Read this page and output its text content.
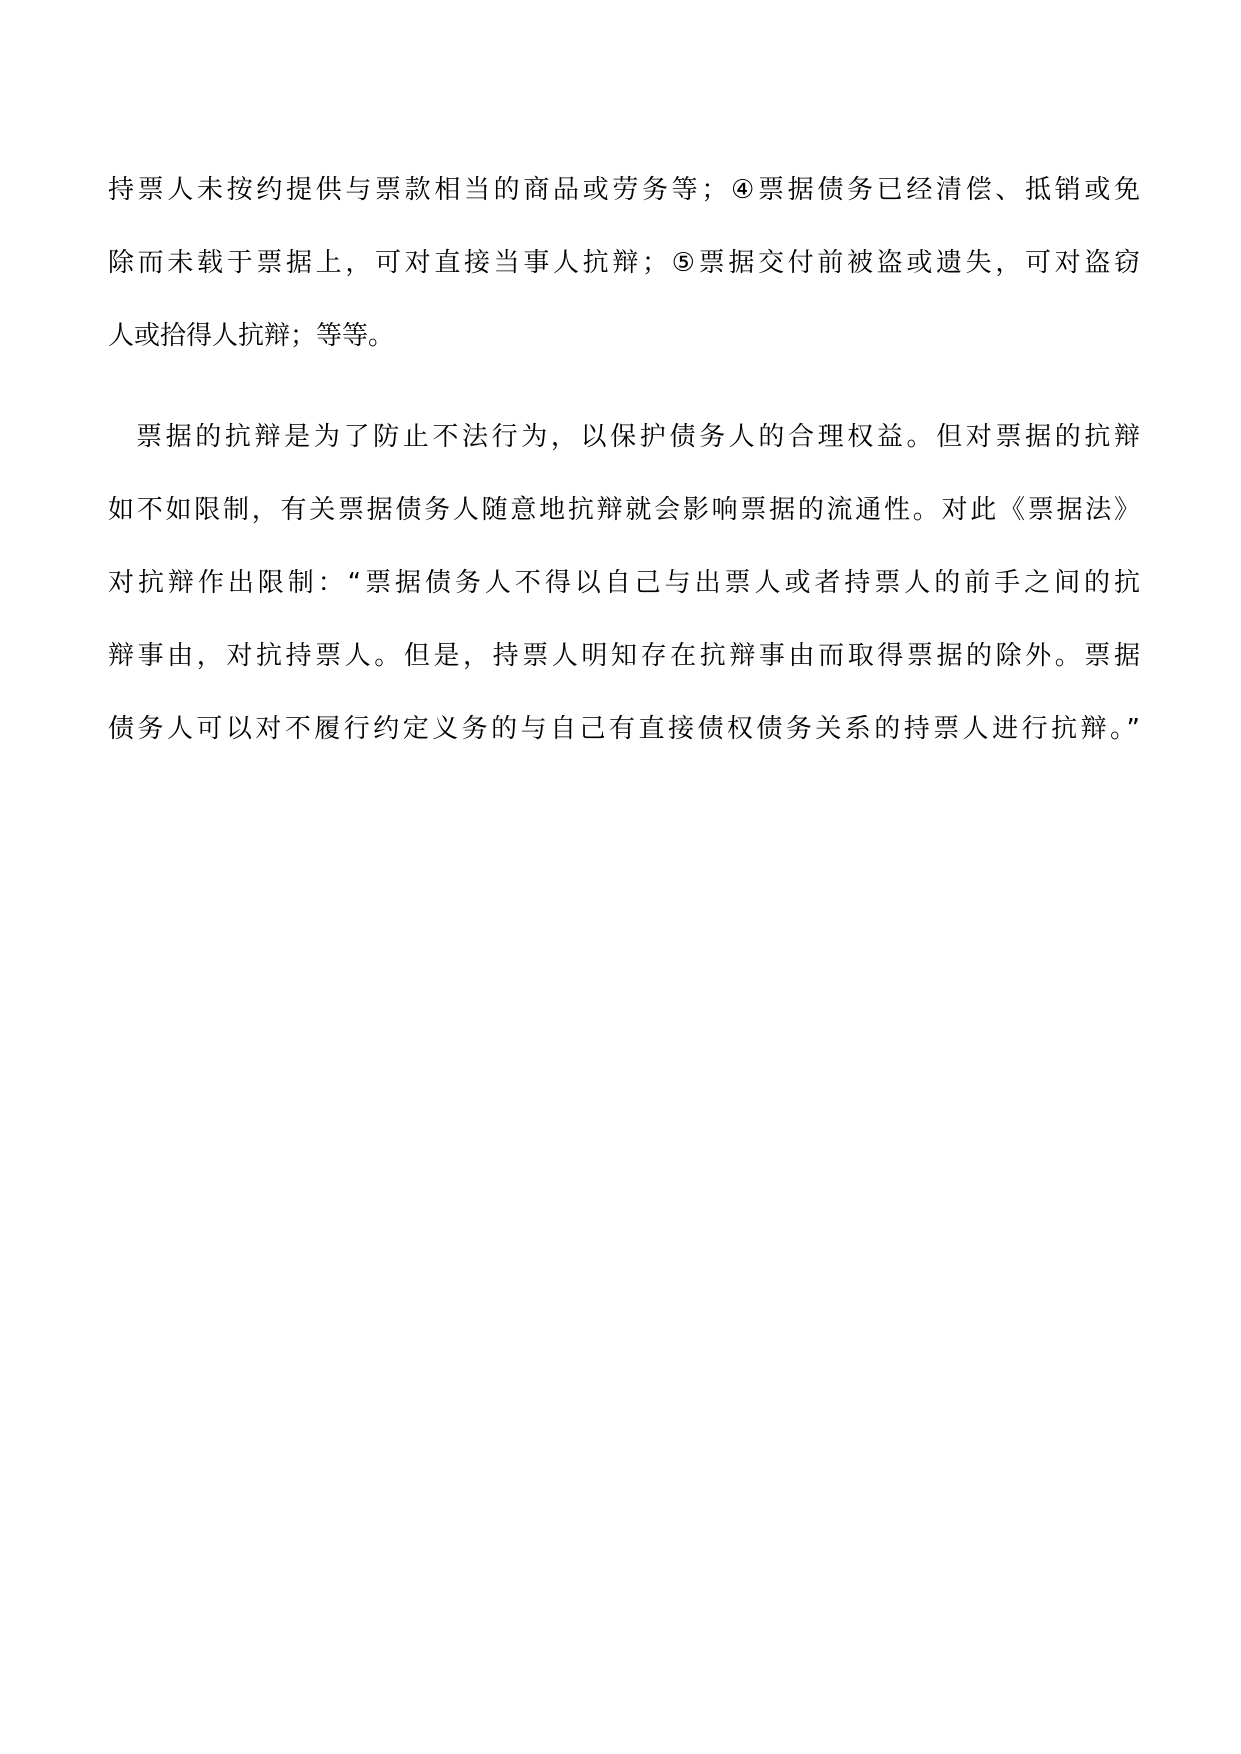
持票人未按约提供与票款相当的商品或劳务等；④票据债务已经清偿、抵销或免
除而未载于票据上，可对直接当事人抗辩；⑤票据交付前被盗或遗失，可对盗窃
人或拾得人抗辩；等等。
票据的抗辩是为了防止不法行为，以保护债务人的合理权益。但对票据的抗辩
如不如限制，有关票据债务人随意地抗辩就会影响票据的流通性。对此《票据法》
对抗辩作出限制：“票据债务人不得以自己与出票人或者持票人的前手之间的抗
辩事由，对抗持票人。但是，持票人明知存在抗辩事由而取得票据的除外。票据
债务人可以对不履行约定义务的与自己有直接债权债务关系的持票人进行抗辩。”
